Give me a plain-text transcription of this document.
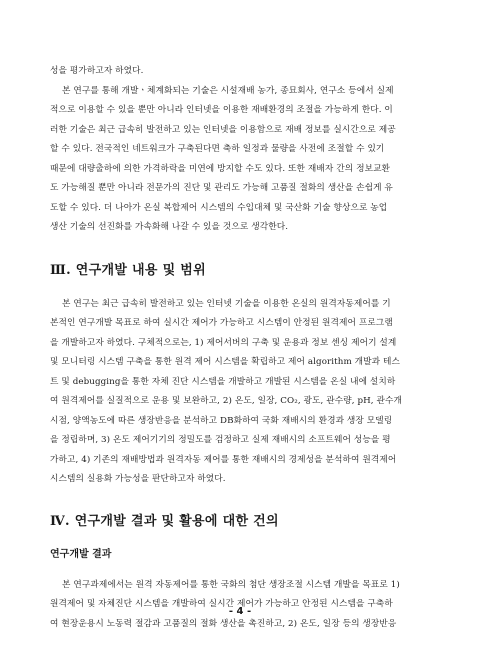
성을 평가하고자 하였다.
본 연구를 통해 개발ㆍ체계화되는 기술은 시설재배 농가, 종묘회사, 연구소 등에서 실제
적으로 이용할 수 있을 뿐만 아니라 인터넷을 이용한 재배환경의 조절을 가능하게 한다. 이
러한 기술은 최근 급속히 발전하고 있는 인터넷을 이용함으로 재배 정보를 실시간으로 제공
할 수 있다. 전국적인 네트워크가 구축된다면 축하 일정과 물량을 사전에 조절할 수 있기
때문에 대량출하에 의한 가격하락을 미연에 방지할 수도 있다. 또한 재배자 간의 정보교환
도 가능해질 뿐만 아니라 전문가의 진단 및 관리도 가능해 고품질 절화의 생산을 손쉽게 유
도할 수 있다. 더 나아가 온실 복합제어 시스템의 수입대체 및 국산화 기술 향상으로 농업
생산 기술의 선진화를 가속화해 나갈 수 있을 것으로 생각한다.
Ⅲ. 연구개발 내용 및 범위
본 연구는 최근 급속히 발전하고 있는 인터넷 기술을 이용한 온실의 원격자동제어를 기
본적인 연구개발 목표로 하여 실시간 제어가 가능하고 시스템이 안정된 원격제어 프로그램
을 개발하고자 하였다. 구체적으로는, 1) 제어서버의 구축 및 운용과 정보 센싱 제어기 설계
및 모니터링 시스템 구축을 통한 원격 제어 시스템을 확립하고 제어 algorithm 개발과 테스
트 및 debugging을 통한 자체 진단 시스템을 개발하고 개발된 시스템을 온실 내에 설치하
여 원격제어를 실질적으로 운용 및 보완하고, 2) 온도, 일장, CO₂, 광도, 관수량, pH, 관수개
시점, 양액농도에 따른 생장반응을 분석하고 DB화하여 국화 재배시의 환경과 생장 모델링
을 정립하며, 3) 온도 제어기기의 정밀도를 검정하고 실제 재배시의 소프트웨어 성능을 평
가하고, 4) 기존의 재배방법과 원격자동 제어를 통한 재배시의 경제성을 분석하여 원격제어
시스템의 실용화 가능성을 판단하고자 하였다.
Ⅳ. 연구개발 결과 및 활용에 대한 건의
연구개발 결과
본 연구과제에서는 원격 자동제어를 통한 국화의 첨단 생장조절 시스템 개발을 목표로 1)
원격제어 및 자체진단 시스템을 개발하여 실시간 제어가 가능하고 안정된 시스템을 구축하
여 현장운용시 노동력 절감과 고품질의 절화 생산을 촉진하고, 2) 온도, 일장 등의 생장반응
- 4 -
